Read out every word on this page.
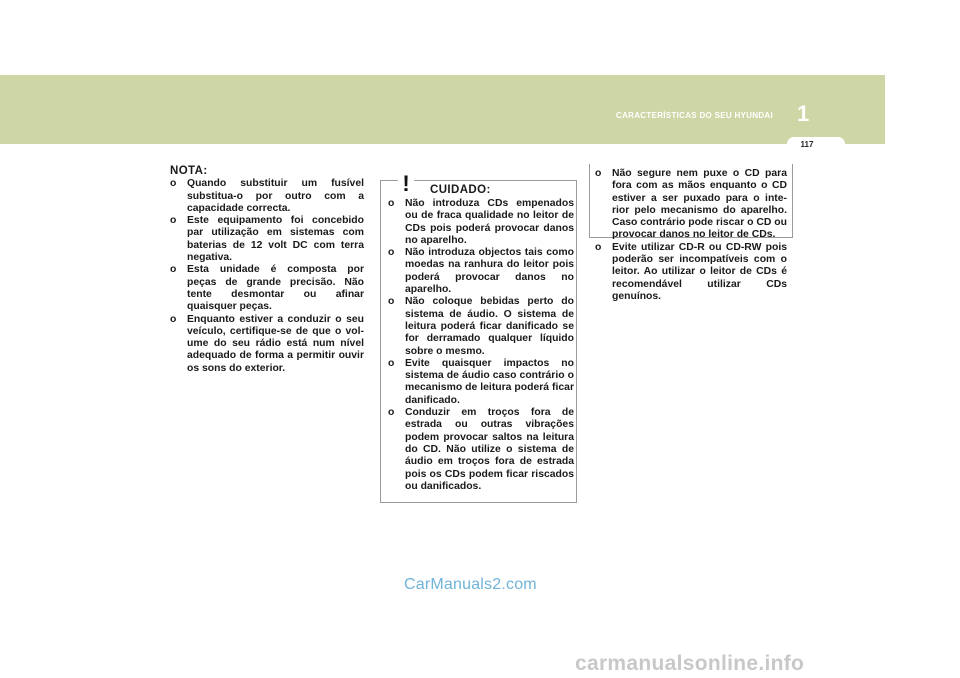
CARACTERÍSTICAS DO SEU HYUNDAI 1
117
NOTA:
o Quando substituir um fusível substitua-o por outro com a capacidade correcta.
o Este equipamento foi concebido par utilização em sistemas com baterias de 12 volt DC com terra negativa.
o Esta unidade é composta por peças de grande precisão. Não tente desmontar ou afinar quaisquer peças.
o Enquanto estiver a conduzir o seu veículo, certifique-se de que o vol-ume do seu rádio está num nível adequado de forma a permitir ouvir os sons do exterior.
! CUIDADO:
o Não introduza CDs empenados ou de fraca qualidade no leitor de CDs pois poderá provocar danos no aparelho.
o Não introduza objectos tais como moedas na ranhura do leitor pois poderá provocar danos no aparelho.
o Não coloque bebidas perto do sistema de áudio. O sistema de leitura poderá ficar danificado se for derramado qualquer líquido sobre o mesmo.
o Evite quaisquer impactos no sistema de áudio caso contrário o mecanismo de leitura poderá ficar danificado.
o Conduzir em troços fora de estrada ou outras vibrações podem provocar saltos na leitura do CD. Não utilize o sistema de áudio em troços fora de estrada pois os CDs podem ficar riscados ou danificados.
o Não segure nem puxe o CD para fora com as mãos enquanto o CD estiver a ser puxado para o inte-rior pelo mecanismo do aparelho. Caso contrário pode riscar o CD ou provocar danos no leitor de CDs.
o Evite utilizar CD-R ou CD-RW pois poderão ser incompatíveis com o leitor. Ao utilizar o leitor de CDs é recomendável utilizar CDs genuínos.
CarManuals2.com
carmanualsonline.info
